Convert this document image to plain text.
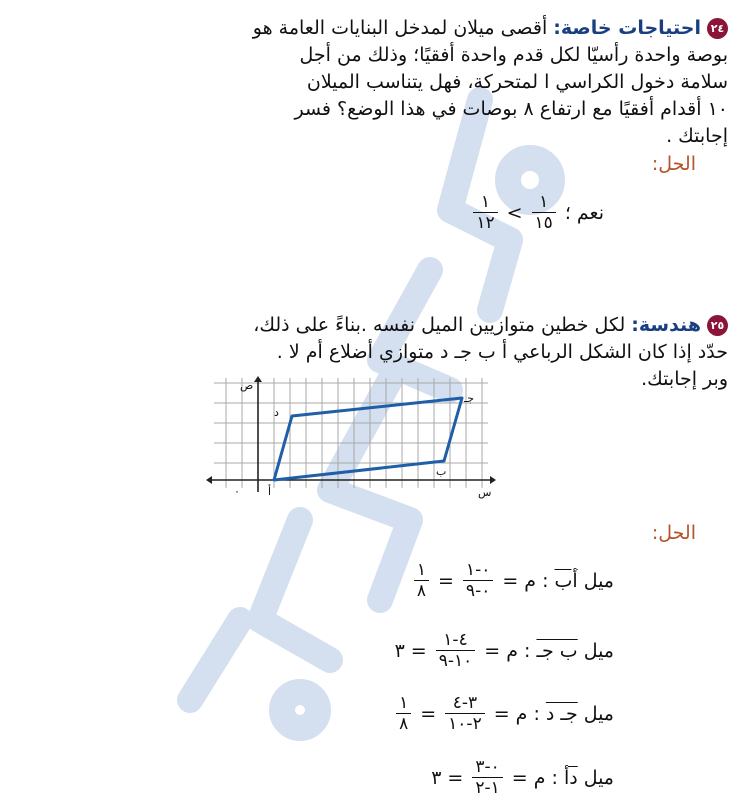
أحمد الليثي
٢٤احتياجات خاصة: أقصى ميلان لمدخل البنايات العامة هو
بوصة واحدة رأسيّا لكل قدم واحدة أفقيًا؛ وذلك من أجل
سلامة دخول الكراسي ا لمتحركة، فهل يتناسب الميلان
١٠ أقدام أفقيًا مع ارتفاع ٨ بوصات في هذا الوضع؟ فسر
إجابتك .
الحل:
نعم ؛
١
١٥
<
١
١٢
٢٥هندسة: لكل خطين متوازيين الميل نفسه .بناءً على ذلك،
حدّد إذا كان الشكل الرباعي أ ب جـ د متوازي أضلاع أم لا .
وبر إجابتك.
ص
س
٠	أ
ب
جـ
د
الحل:
ميل
أب
: م =
٠-١
٠-٩
=
١
٨
ميل
ب جـ
: م =
٤-١
١٠-٩
=
٣
ميل
جـ د
: م =
٣-٤
٢-١٠
=
١
٨
ميل
دأ
: م =
٠-٣
١-٢
=
٣
